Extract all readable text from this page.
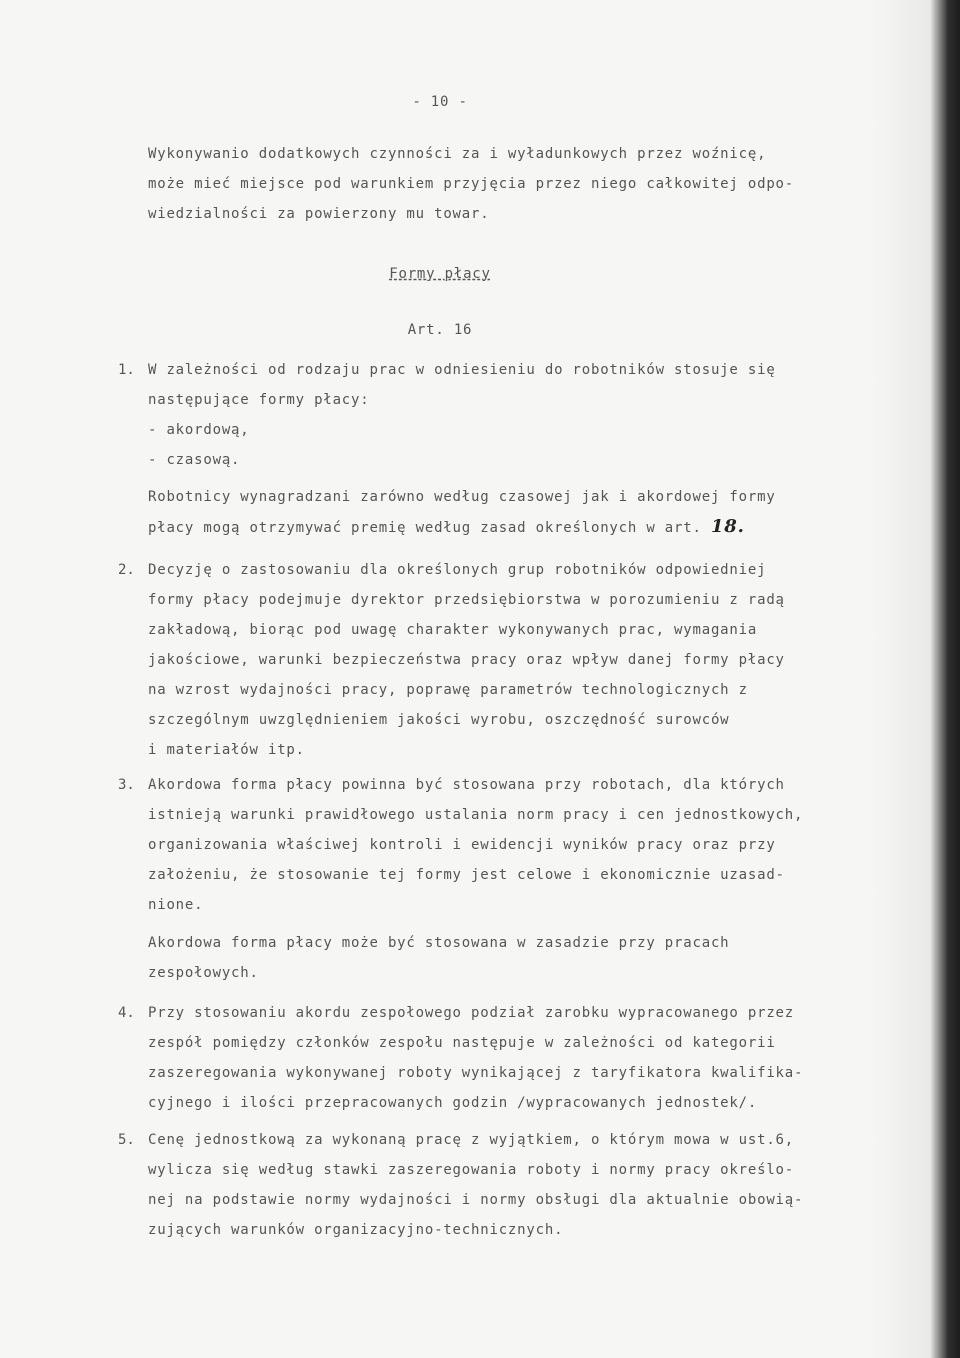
- 10 -
Wykonywanio dodatkowych czynności za i wyładunkowych przez woźnicę,
może mieć miejsce pod warunkiem przyjęcia przez niego całkowitej odpo-
wiedzialności za powierzony mu towar.
Formy płacy
Art. 16
1. W zależności od rodzaju prac w odniesieniu do robotników stosuje się
następujące formy płacy:
- akordową,
- czasową.
Robotnicy wynagradzani zarówno według czasowej jak i akordowej formy
płacy mogą otrzymywać premię według zasad określonych w art. 18.
2. Decyzję o zastosowaniu dla określonych grup robotników odpowiedniej
formy płacy podejmuje dyrektor przedsiębiorstwa w porozumieniu z radą
zakładową, biorąc pod uwagę charakter wykonywanych prac, wymagania
jakościowe, warunki bezpieczeństwa pracy oraz wpływ danej formy płacy
na wzrost wydajności pracy, poprawę parametrów technologicznych z
szczególnym uwzględnieniem jakości wyrobu, oszczędność surowców
i materiałów itp.
3. Akordowa forma płacy powinna być stosowana przy robotach, dla których
istnieją warunki prawidłowego ustalania norm pracy i cen jednostkowych,
organizowania właściwej kontroli i ewidencji wyników pracy oraz przy
założeniu, że stosowanie tej formy jest celowe i ekonomicznie uzasad-
nione.
Akordowa forma płacy może być stosowana w zasadzie przy pracach
zespołowych.
4. Przy stosowaniu akordu zespołowego podział zarobku wypracowanego przez
zespół pomiędzy członków zespołu następuje w zależności od kategorii
zaszeregowania wykonywanej roboty wynikającej z taryfikatora kwalifika-
cyjnego i ilości przepracowanych godzin /wypracowanych jednostek/.
5. Cenę jednostkową za wykonaną pracę z wyjątkiem, o którym mowa w ust.6,
wylicza się według stawki zaszeregowania roboty i normy pracy określo-
nej na podstawie normy wydajności i normy obsługi dla aktualnie obowią-
zujących warunków organizacyjno-technicznych.
